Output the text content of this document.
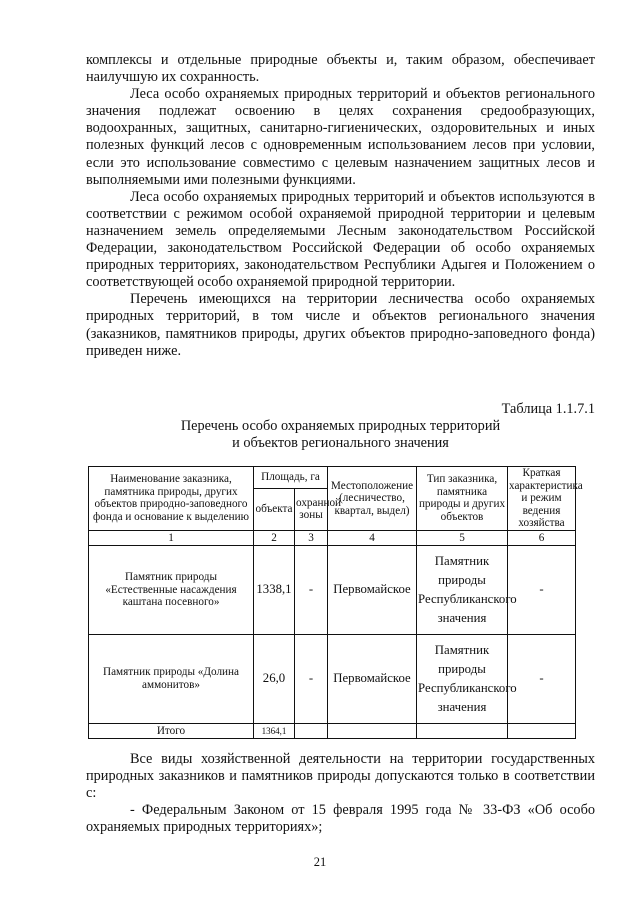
комплексы и отдельные природные объекты и, таким образом, обеспечивает наилучшую их сохранность.

Леса особо охраняемых природных территорий и объектов регионального значения подлежат освоению в целях сохранения средообразующих, водоохранных, защитных, санитарно-гигиенических, оздоровительных и иных полезных функций лесов с одновременным использованием лесов при условии, если это использование совместимо с целевым назначением защитных лесов и выполняемыми ими полезными функциями.

Леса особо охраняемых природных территорий и объектов используются в соответствии с режимом особой охраняемой природной территории и целевым назначением земель определяемыми Лесным законодательством Российской Федерации, законодательством Российской Федерации об особо охраняемых природных территориях, законодательством Республики Адыгея и Положением о соответствующей особо охраняемой природной территории.

Перечень имеющихся на территории лесничества особо охраняемых природных территорий, в том числе и объектов регионального значения (заказников, памятников природы, других объектов природно-заповедного фонда) приведен ниже.

Таблица 1.1.7.1
Перечень особо охраняемых природных территорий
и объектов регионального значения
Наименование заказника, памятника природы, других объектов природно-заповедного фонда и основание к выделению	Площадь, га		Местоположение (лесничество, квартал, выдел)	Тип заказника, памятника природы и других объектов	Краткая характеристика и режим ведения хозяйства
	объекта	охранной зоны			
1	2	3	4	5	6
Памятник природы «Естественные насаждения каштана посевного»	1338,1	-	Первомайское	Памятник природы Республиканского значения	-
Памятник природы «Долина аммонитов»	26,0	-	Первомайское	Памятник природы Республиканского значения	-
Итого	1364,1				

Все виды хозяйственной деятельности на территории государственных природных заказников и памятников природы допускаются только в соответствии с:

- Федеральным Законом от 15 февраля 1995 года № 33-ФЗ «Об особо охраняемых природных территориях»;

21
